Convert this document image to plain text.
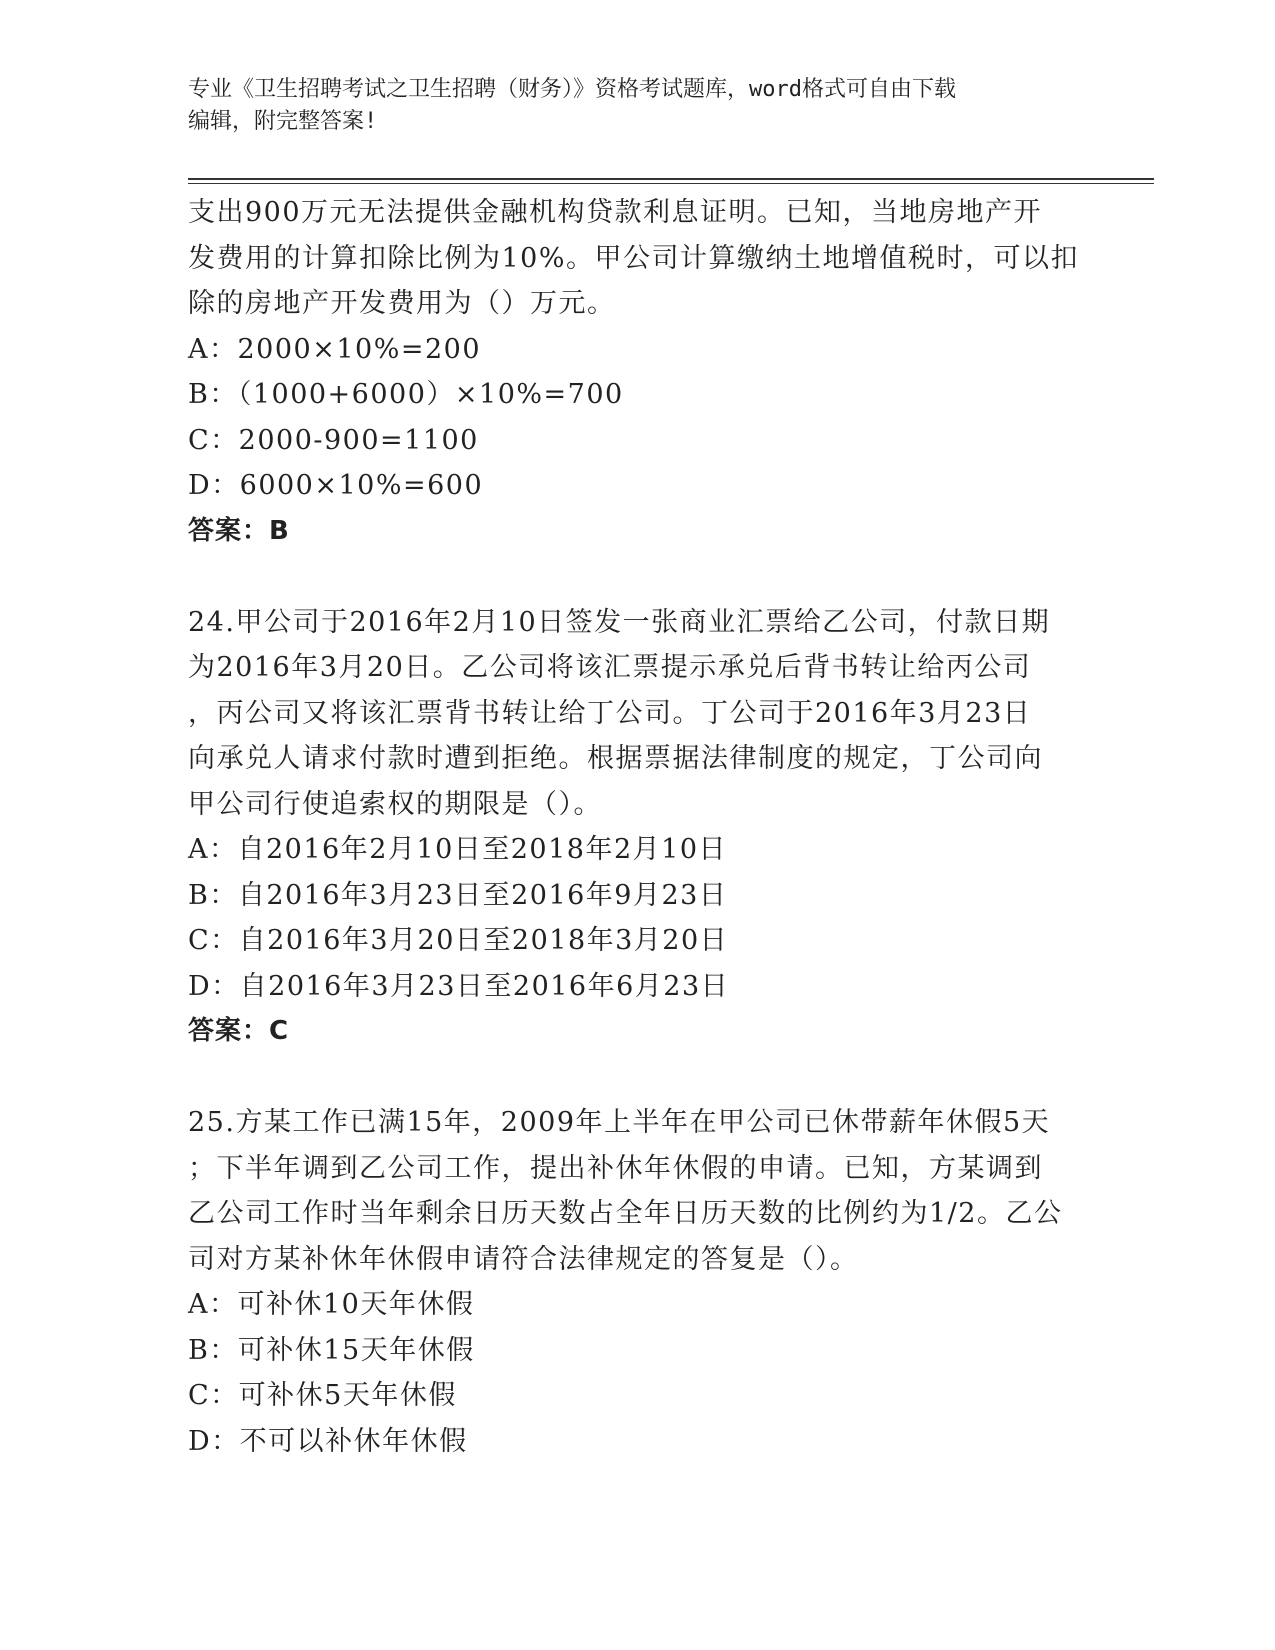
专业《卫生招聘考试之卫生招聘（财务）》资格考试题库，word格式可自由下载
编辑，附完整答案!
支出900万元无法提供金融机构贷款利息证明。已知，当地房地产开
发费用的计算扣除比例为10%。甲公司计算缴纳土地增值税时，可以扣
除的房地产开发费用为（）万元。
A：2000×10%=200
B：（1000+6000）×10%=700
C：2000-900=1100
D：6000×10%=600
答案：B
24.甲公司于2016年2月10日签发一张商业汇票给乙公司，付款日期
为2016年3月20日。乙公司将该汇票提示承兑后背书转让给丙公司
，丙公司又将该汇票背书转让给丁公司。丁公司于2016年3月23日
向承兑人请求付款时遭到拒绝。根据票据法律制度的规定，丁公司向
甲公司行使追索权的期限是（）。
A：自2016年2月10日至2018年2月10日
B：自2016年3月23日至2016年9月23日
C：自2016年3月20日至2018年3月20日
D：自2016年3月23日至2016年6月23日
答案：C
25.方某工作已满15年，2009年上半年在甲公司已休带薪年休假5天
；下半年调到乙公司工作，提出补休年休假的申请。已知，方某调到
乙公司工作时当年剩余日历天数占全年日历天数的比例约为1/2。乙公
司对方某补休年休假申请符合法律规定的答复是（）。
A：可补休10天年休假
B：可补休15天年休假
C：可补休5天年休假
D：不可以补休年休假
